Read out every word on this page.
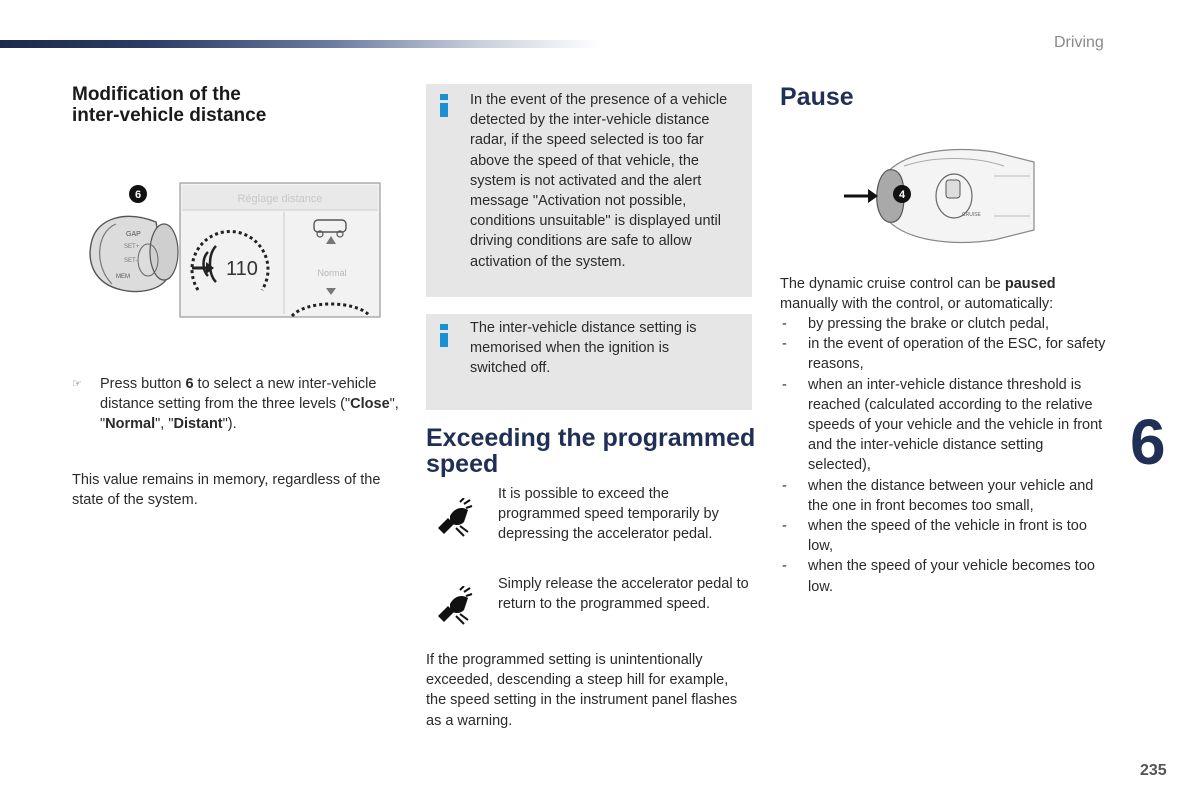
Driving
6
235
Modification of the
inter-vehicle distance
GAP
SET+
SET-
MEM
6	Réglage distance
110	Normal

☞ Press button 6 to select a new inter-vehicle distance setting from the three levels ("Close", "Normal", "Distant").

This value remains in memory, regardless of the state of the system.

In the event of the presence of a vehicle detected by the inter-vehicle distance radar, if the speed selected is too far above the speed of that vehicle, the system is not activated and the alert message "Activation not possible, conditions unsuitable" is displayed until driving conditions are safe to allow activation of the system.

The inter-vehicle distance setting is memorised when the ignition is switched off.

Exceeding the programmed speed

It is possible to exceed the programmed speed temporarily by depressing the accelerator pedal.

Simply release the accelerator pedal to return to the programmed speed.

If the programmed setting is unintentionally exceeded, descending a steep hill for example, the speed setting in the instrument panel flashes as a warning.

Pause
CRUISE
4

The dynamic cruise control can be paused manually with the control, or automatically:

- by pressing the brake or clutch pedal,
- in the event of operation of the ESC, for safety reasons,
- when an inter-vehicle distance threshold is reached (calculated according to the relative speeds of your vehicle and the vehicle in front and the inter-vehicle distance setting selected),
- when the distance between your vehicle and the one in front becomes too small,
- when the speed of the vehicle in front is too low,
- when the speed of your vehicle becomes too low.
